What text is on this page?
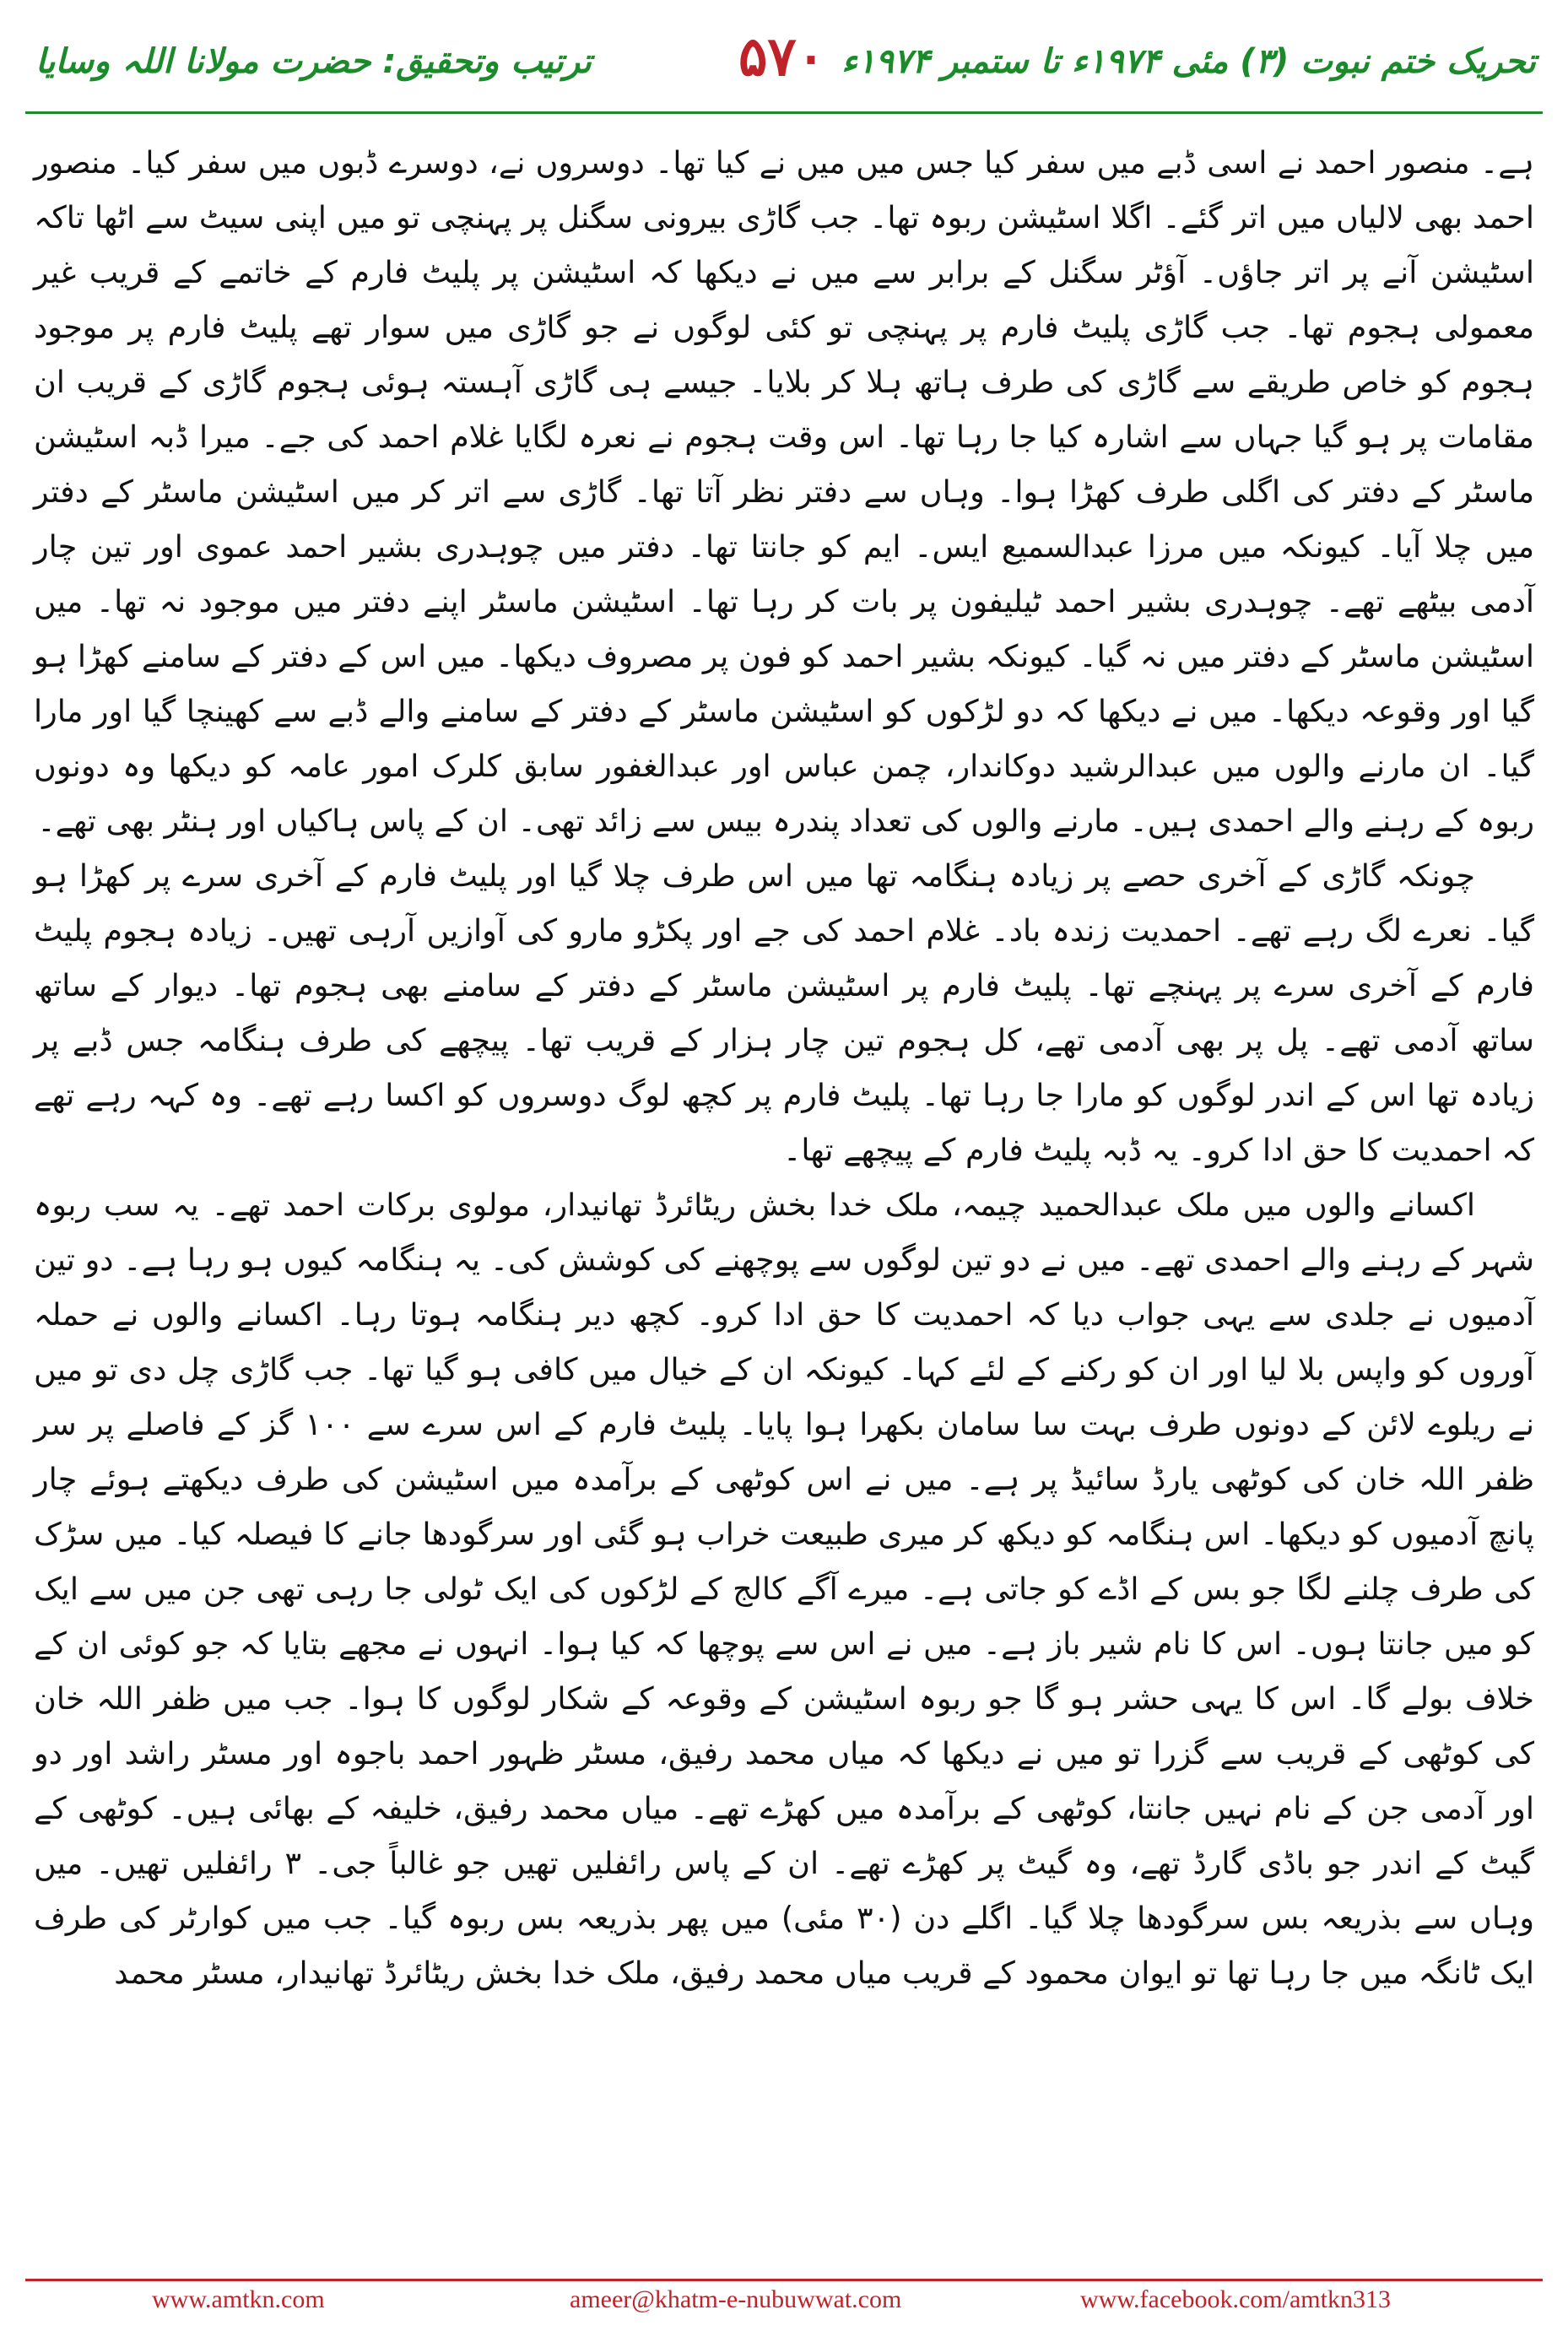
تحریک ختم نبوت (۳) مئی ۱۹۷۴ء تا ستمبر ۱۹۷۴ء
۵۷۰
ترتیب وتحقیق: حضرت مولانا اللہ وسایا

ہے۔ منصور احمد نے اسی ڈبے میں سفر کیا جس میں میں نے کیا تھا۔ دوسروں نے، دوسرے ڈبوں میں سفر کیا۔ منصور احمد بھی لالیاں میں اتر گئے۔ اگلا اسٹیشن ربوہ تھا۔ جب گاڑی بیرونی سگنل پر پہنچی تو میں اپنی سیٹ سے اٹھا تاکہ اسٹیشن آنے پر اتر جاؤں۔ آؤٹر سگنل کے برابر سے میں نے دیکھا کہ اسٹیشن پر پلیٹ فارم کے خاتمے کے قریب غیر معمولی ہجوم تھا۔ جب گاڑی پلیٹ فارم پر پہنچی تو کئی لوگوں نے جو گاڑی میں سوار تھے پلیٹ فارم پر موجود ہجوم کو خاص طریقے سے گاڑی کی طرف ہاتھ ہلا کر بلایا۔ جیسے ہی گاڑی آہستہ ہوئی ہجوم گاڑی کے قریب ان مقامات پر ہو گیا جہاں سے اشارہ کیا جا رہا تھا۔ اس وقت ہجوم نے نعرہ لگایا غلام احمد کی جے۔ میرا ڈبہ اسٹیشن ماسٹر کے دفتر کی اگلی طرف کھڑا ہوا۔ وہاں سے دفتر نظر آتا تھا۔ گاڑی سے اتر کر میں اسٹیشن ماسٹر کے دفتر میں چلا آیا۔ کیونکہ میں مرزا عبدالسمیع ایس۔ ایم کو جانتا تھا۔ دفتر میں چوہدری بشیر احمد عموی اور تین چار آدمی بیٹھے تھے۔ چوہدری بشیر احمد ٹیلیفون پر بات کر رہا تھا۔ اسٹیشن ماسٹر اپنے دفتر میں موجود نہ تھا۔ میں اسٹیشن ماسٹر کے دفتر میں نہ گیا۔ کیونکہ بشیر احمد کو فون پر مصروف دیکھا۔ میں اس کے دفتر کے سامنے کھڑا ہو گیا اور وقوعہ دیکھا۔ میں نے دیکھا کہ دو لڑکوں کو اسٹیشن ماسٹر کے دفتر کے سامنے والے ڈبے سے کھینچا گیا اور مارا گیا۔ ان مارنے والوں میں عبدالرشید دوکاندار، چمن عباس اور عبدالغفور سابق کلرک امور عامہ کو دیکھا وہ دونوں ربوہ کے رہنے والے احمدی ہیں۔ مارنے والوں کی تعداد پندرہ بیس سے زائد تھی۔ ان کے پاس ہاکیاں اور ہنٹر بھی تھے۔

چونکہ گاڑی کے آخری حصے پر زیادہ ہنگامہ تھا میں اس طرف چلا گیا اور پلیٹ فارم کے آخری سرے پر کھڑا ہو گیا۔ نعرے لگ رہے تھے۔ احمدیت زندہ باد۔ غلام احمد کی جے اور پکڑو مارو کی آوازیں آرہی تھیں۔ زیادہ ہجوم پلیٹ فارم کے آخری سرے پر پہنچے تھا۔ پلیٹ فارم پر اسٹیشن ماسٹر کے دفتر کے سامنے بھی ہجوم تھا۔ دیوار کے ساتھ ساتھ آدمی تھے۔ پل پر بھی آدمی تھے، کل ہجوم تین چار ہزار کے قریب تھا۔ پیچھے کی طرف ہنگامہ جس ڈبے پر زیادہ تھا اس کے اندر لوگوں کو مارا جا رہا تھا۔ پلیٹ فارم پر کچھ لوگ دوسروں کو اکسا رہے تھے۔ وہ کہہ رہے تھے کہ احمدیت کا حق ادا کرو۔ یہ ڈبہ پلیٹ فارم کے پیچھے تھا۔

اکسانے والوں میں ملک عبدالحمید چیمہ، ملک خدا بخش ریٹائرڈ تھانیدار، مولوی برکات احمد تھے۔ یہ سب ربوہ شہر کے رہنے والے احمدی تھے۔ میں نے دو تین لوگوں سے پوچھنے کی کوشش کی۔ یہ ہنگامہ کیوں ہو رہا ہے۔ دو تین آدمیوں نے جلدی سے یہی جواب دیا کہ احمدیت کا حق ادا کرو۔ کچھ دیر ہنگامہ ہوتا رہا۔ اکسانے والوں نے حملہ آوروں کو واپس بلا لیا اور ان کو رکنے کے لئے کہا۔ کیونکہ ان کے خیال میں کافی ہو گیا تھا۔ جب گاڑی چل دی تو میں نے ریلوے لائن کے دونوں طرف بہت سا سامان بکھرا ہوا پایا۔ پلیٹ فارم کے اس سرے سے ۱۰۰ گز کے فاصلے پر سر ظفر اللہ خان کی کوٹھی یارڈ سائیڈ پر ہے۔ میں نے اس کوٹھی کے برآمدہ میں اسٹیشن کی طرف دیکھتے ہوئے چار پانچ آدمیوں کو دیکھا۔ اس ہنگامہ کو دیکھ کر میری طبیعت خراب ہو گئی اور سرگودھا جانے کا فیصلہ کیا۔ میں سڑک کی طرف چلنے لگا جو بس کے اڈے کو جاتی ہے۔ میرے آگے کالج کے لڑکوں کی ایک ٹولی جا رہی تھی جن میں سے ایک کو میں جانتا ہوں۔ اس کا نام شیر باز ہے۔ میں نے اس سے پوچھا کہ کیا ہوا۔ انہوں نے مجھے بتایا کہ جو کوئی ان کے خلاف بولے گا۔ اس کا یہی حشر ہو گا جو ربوہ اسٹیشن کے وقوعہ کے شکار لوگوں کا ہوا۔ جب میں ظفر اللہ خان کی کوٹھی کے قریب سے گزرا تو میں نے دیکھا کہ میاں محمد رفیق، مسٹر ظہور احمد باجوہ اور مسٹر راشد اور دو اور آدمی جن کے نام نہیں جانتا، کوٹھی کے برآمدہ میں کھڑے تھے۔ میاں محمد رفیق، خلیفہ کے بھائی ہیں۔ کوٹھی کے گیٹ کے اندر جو باڈی گارڈ تھے، وہ گیٹ پر کھڑے تھے۔ ان کے پاس رائفلیں تھیں جو غالباً جی۔ ۳ رائفلیں تھیں۔ میں وہاں سے بذریعہ بس سرگودھا چلا گیا۔ اگلے دن (۳۰ مئی) میں پھر بذریعہ بس ربوہ گیا۔ جب میں کوارٹر کی طرف ایک ٹانگہ میں جا رہا تھا تو ایوان محمود کے قریب میاں محمد رفیق، ملک خدا بخش ریٹائرڈ تھانیدار، مسٹر محمد

www.amtkn.com	ameer@khatm-e-nubuwwat.com	www.facebook.com/amtkn313
